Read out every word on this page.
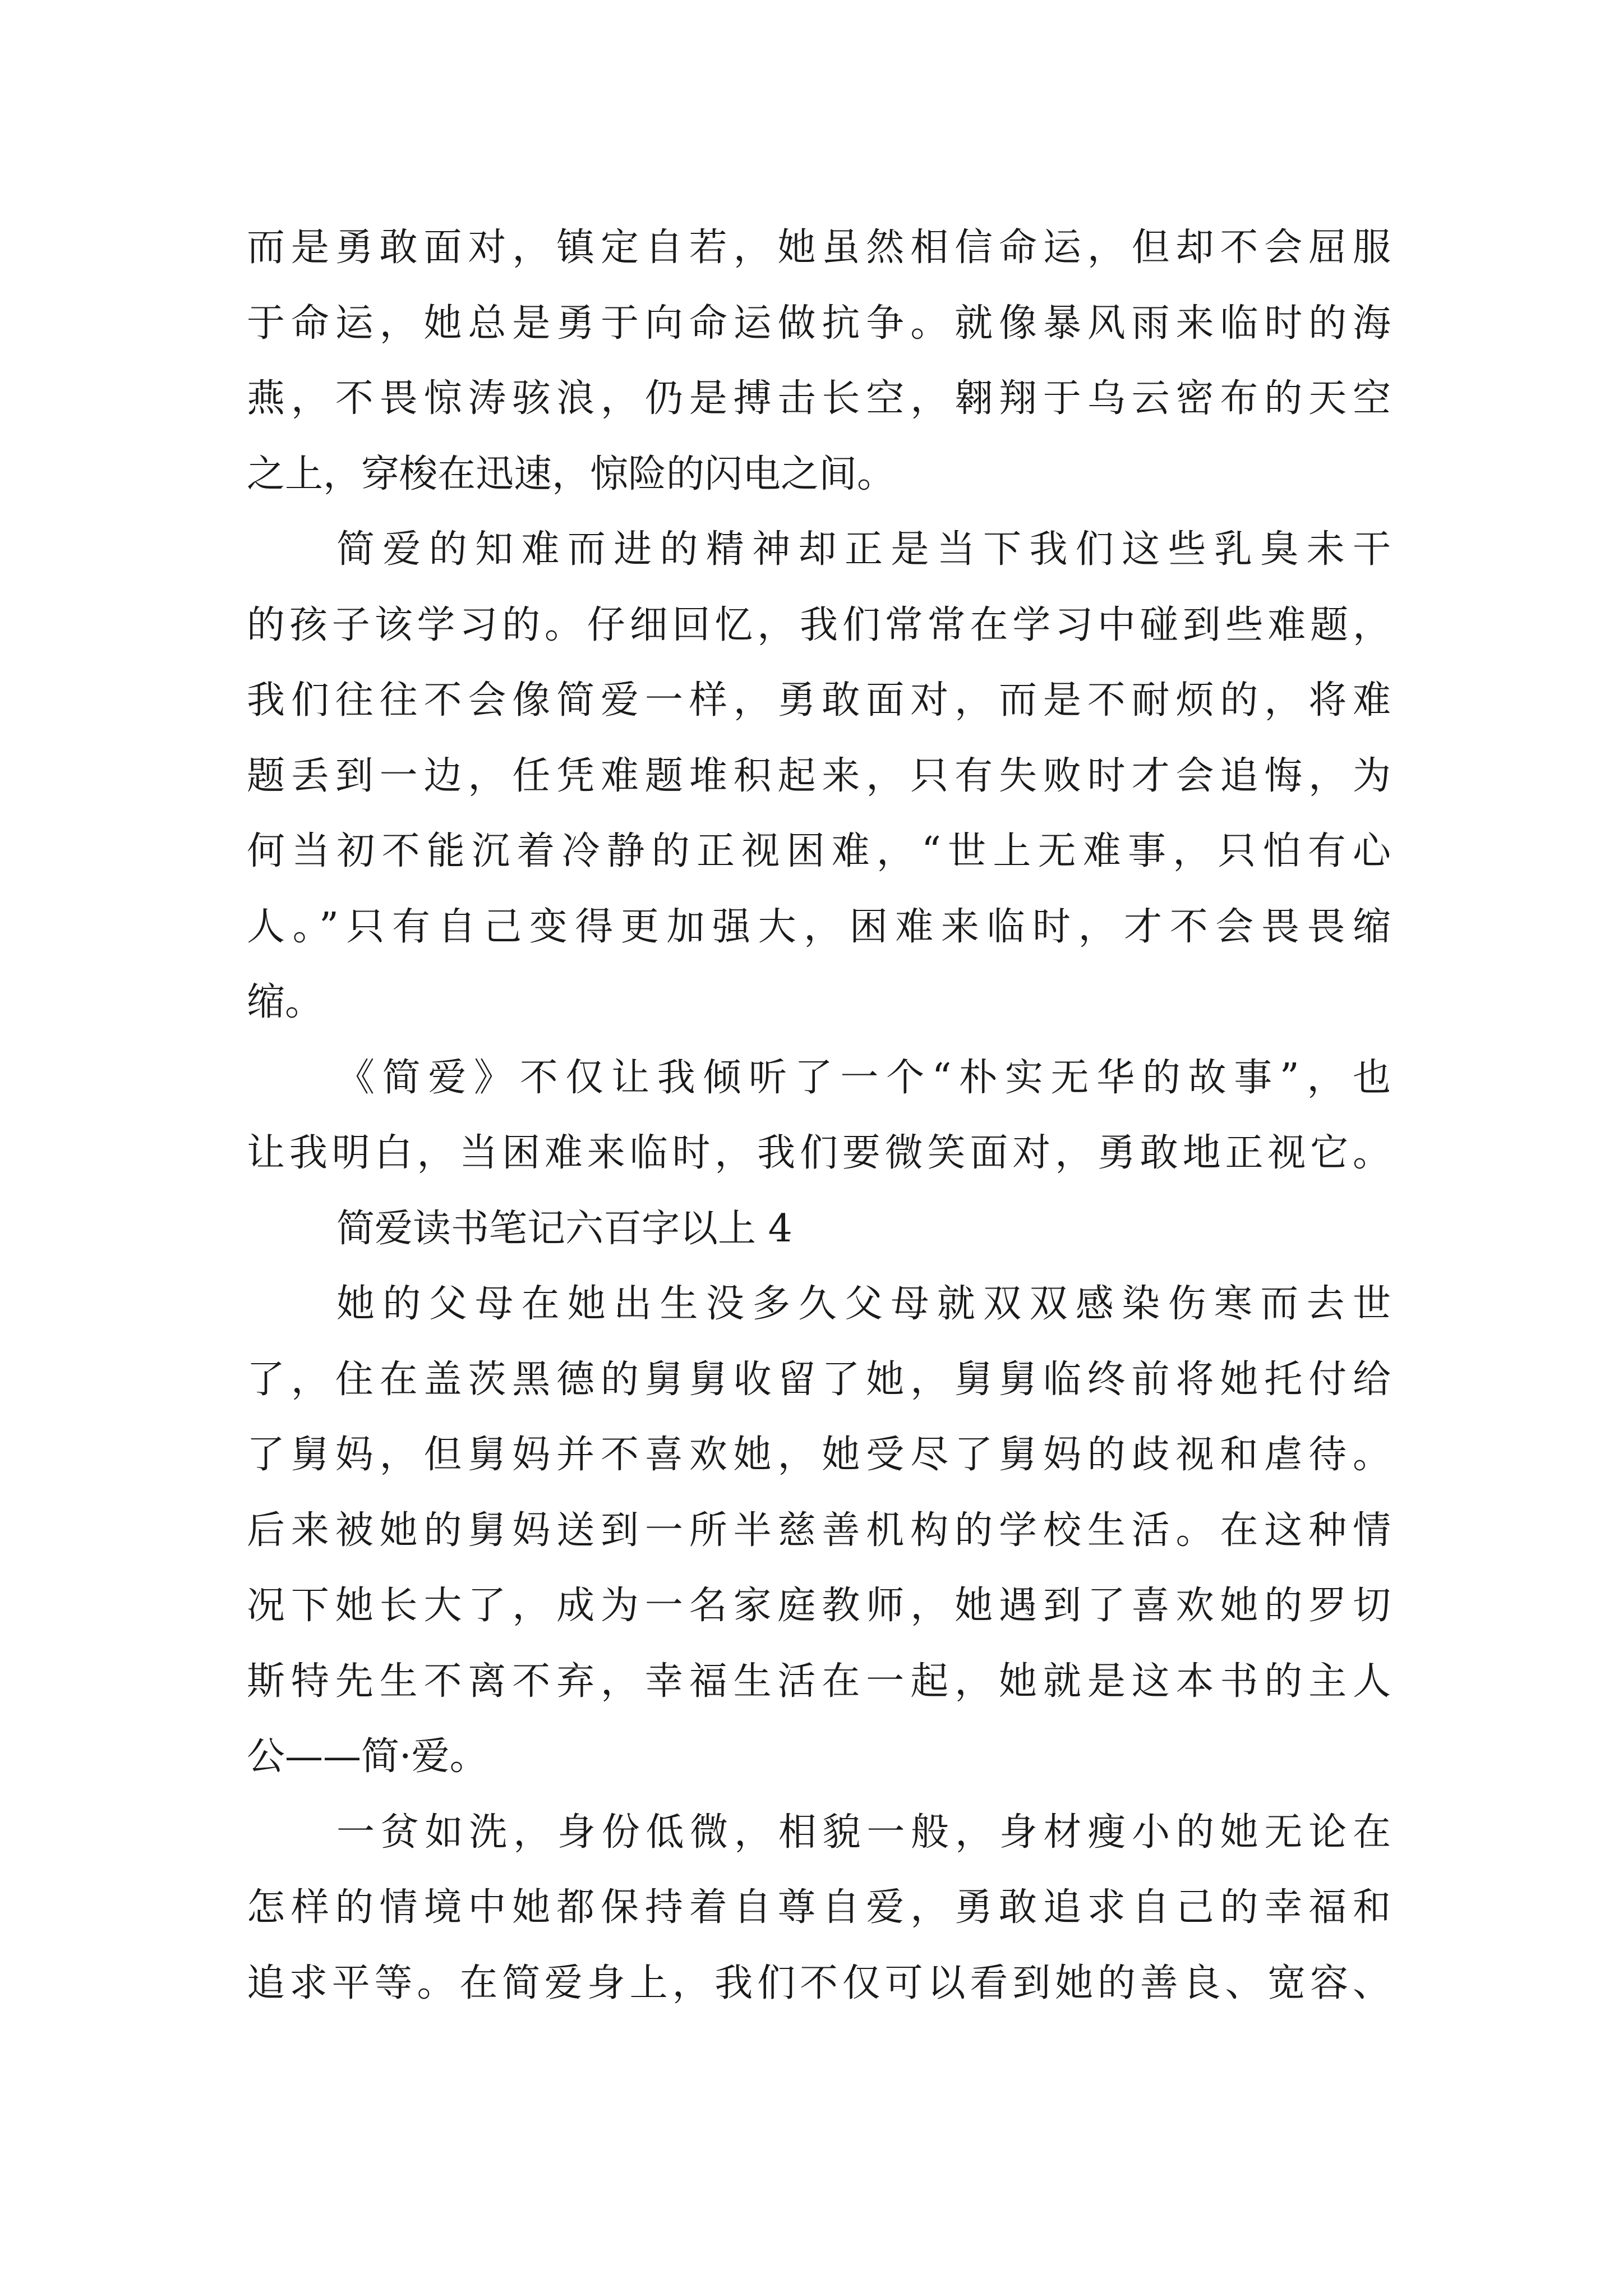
而是勇敢面对，镇定自若，她虽然相信命运，但却不会屈服
于命运，她总是勇于向命运做抗争。就像暴风雨来临时的海
燕，不畏惊涛骇浪，仍是搏击长空，翱翔于乌云密布的天空
之上，穿梭在迅速，惊险的闪电之间。
简爱的知难而进的精神却正是当下我们这些乳臭未干
的孩子该学习的。仔细回忆，我们常常在学习中碰到些难题，
我们往往不会像简爱一样，勇敢面对，而是不耐烦的，将难
题丢到一边，任凭难题堆积起来，只有失败时才会追悔，为
何当初不能沉着冷静的正视困难，“世上无难事，只怕有心
人。”只有自己变得更加强大，困难来临时，才不会畏畏缩
缩。
《简爱》不仅让我倾听了一个“朴实无华的故事”，也
让我明白，当困难来临时，我们要微笑面对，勇敢地正视它。
简爱读书笔记六百字以上 4
她的父母在她出生没多久父母就双双感染伤寒而去世
了，住在盖茨黑德的舅舅收留了她，舅舅临终前将她托付给
了舅妈，但舅妈并不喜欢她，她受尽了舅妈的歧视和虐待。
后来被她的舅妈送到一所半慈善机构的学校生活。在这种情
况下她长大了，成为一名家庭教师，她遇到了喜欢她的罗切
斯特先生不离不弃，幸福生活在一起，她就是这本书的主人
公——简·爱。
一贫如洗，身份低微，相貌一般，身材瘦小的她无论在
怎样的情境中她都保持着自尊自爱，勇敢追求自己的幸福和
追求平等。在简爱身上，我们不仅可以看到她的善良、宽容、
